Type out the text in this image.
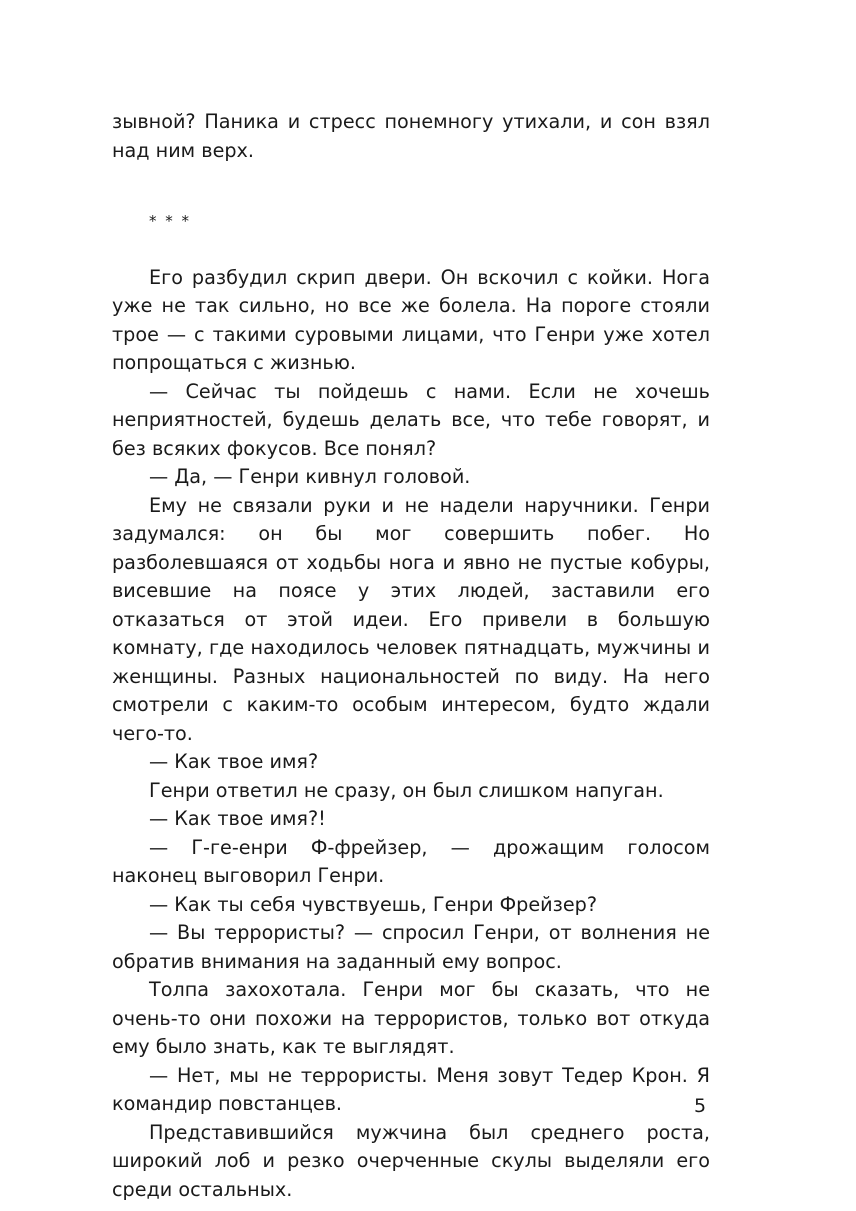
зывной? Паника и стресс понемногу утихали, и сон взял над ним верх.

* * *

Его разбудил скрип двери. Он вскочил с койки. Нога уже не так сильно, но все же болела. На пороге стояли трое — с такими суровыми лицами, что Генри уже хотел попрощаться с жизнью.

— Сейчас ты пойдешь с нами. Если не хочешь неприятностей, будешь делать все, что тебе говорят, и без всяких фокусов. Все понял?

— Да, — Генри кивнул головой.

Ему не связали руки и не надели наручники. Генри задумался: он бы мог совершить побег. Но разболевшаяся от ходьбы нога и явно не пустые кобуры, висевшие на поясе у этих людей, заставили его отказаться от этой идеи. Его привели в большую комнату, где находилось человек пятнадцать, мужчины и женщины. Разных национальностей по виду. На него смотрели с каким-то особым интересом, будто ждали чего-то.

— Как твое имя?

Генри ответил не сразу, он был слишком напуган.

— Как твое имя?!

— Г-ге-енри Ф-фрейзер, — дрожащим голосом наконец выговорил Генри.

— Как ты себя чувствуешь, Генри Фрейзер?

— Вы террористы? — спросил Генри, от волнения не обратив внимания на заданный ему вопрос.

Толпа захохотала. Генри мог бы сказать, что не очень-то они похожи на террористов, только вот откуда ему было знать, как те выглядят.

— Нет, мы не террористы. Меня зовут Тедер Крон. Я командир повстанцев.

Представившийся мужчина был среднего роста, широкий лоб и резко очерченные скулы выделяли его среди остальных.

5
